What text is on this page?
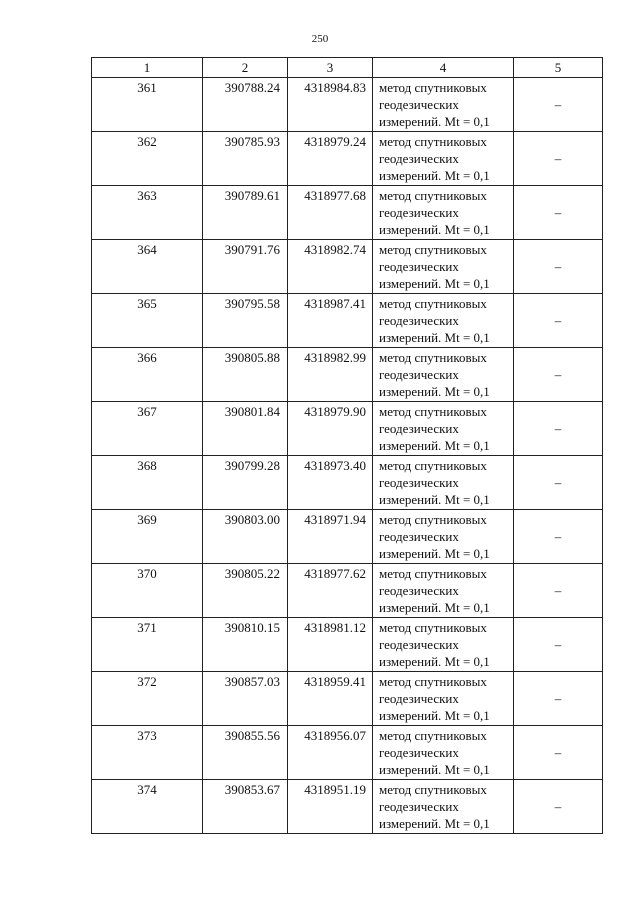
250
1	2	3	4	5
361	390788.24	4318984.83	метод спутниковых
геодезических
измерений. Mt = 0,1	–
362	390785.93	4318979.24	метод спутниковых
геодезических
измерений. Mt = 0,1	–
363	390789.61	4318977.68	метод спутниковых
геодезических
измерений. Mt = 0,1	–
364	390791.76	4318982.74	метод спутниковых
геодезических
измерений. Mt = 0,1	–
365	390795.58	4318987.41	метод спутниковых
геодезических
измерений. Mt = 0,1	–
366	390805.88	4318982.99	метод спутниковых
геодезических
измерений. Mt = 0,1	–
367	390801.84	4318979.90	метод спутниковых
геодезических
измерений. Mt = 0,1	–
368	390799.28	4318973.40	метод спутниковых
геодезических
измерений. Mt = 0,1	–
369	390803.00	4318971.94	метод спутниковых
геодезических
измерений. Mt = 0,1	–
370	390805.22	4318977.62	метод спутниковых
геодезических
измерений. Mt = 0,1	–
371	390810.15	4318981.12	метод спутниковых
геодезических
измерений. Mt = 0,1	–
372	390857.03	4318959.41	метод спутниковых
геодезических
измерений. Mt = 0,1	–
373	390855.56	4318956.07	метод спутниковых
геодезических
измерений. Mt = 0,1	–
374	390853.67	4318951.19	метод спутниковых
геодезических
измерений. Mt = 0,1	–
